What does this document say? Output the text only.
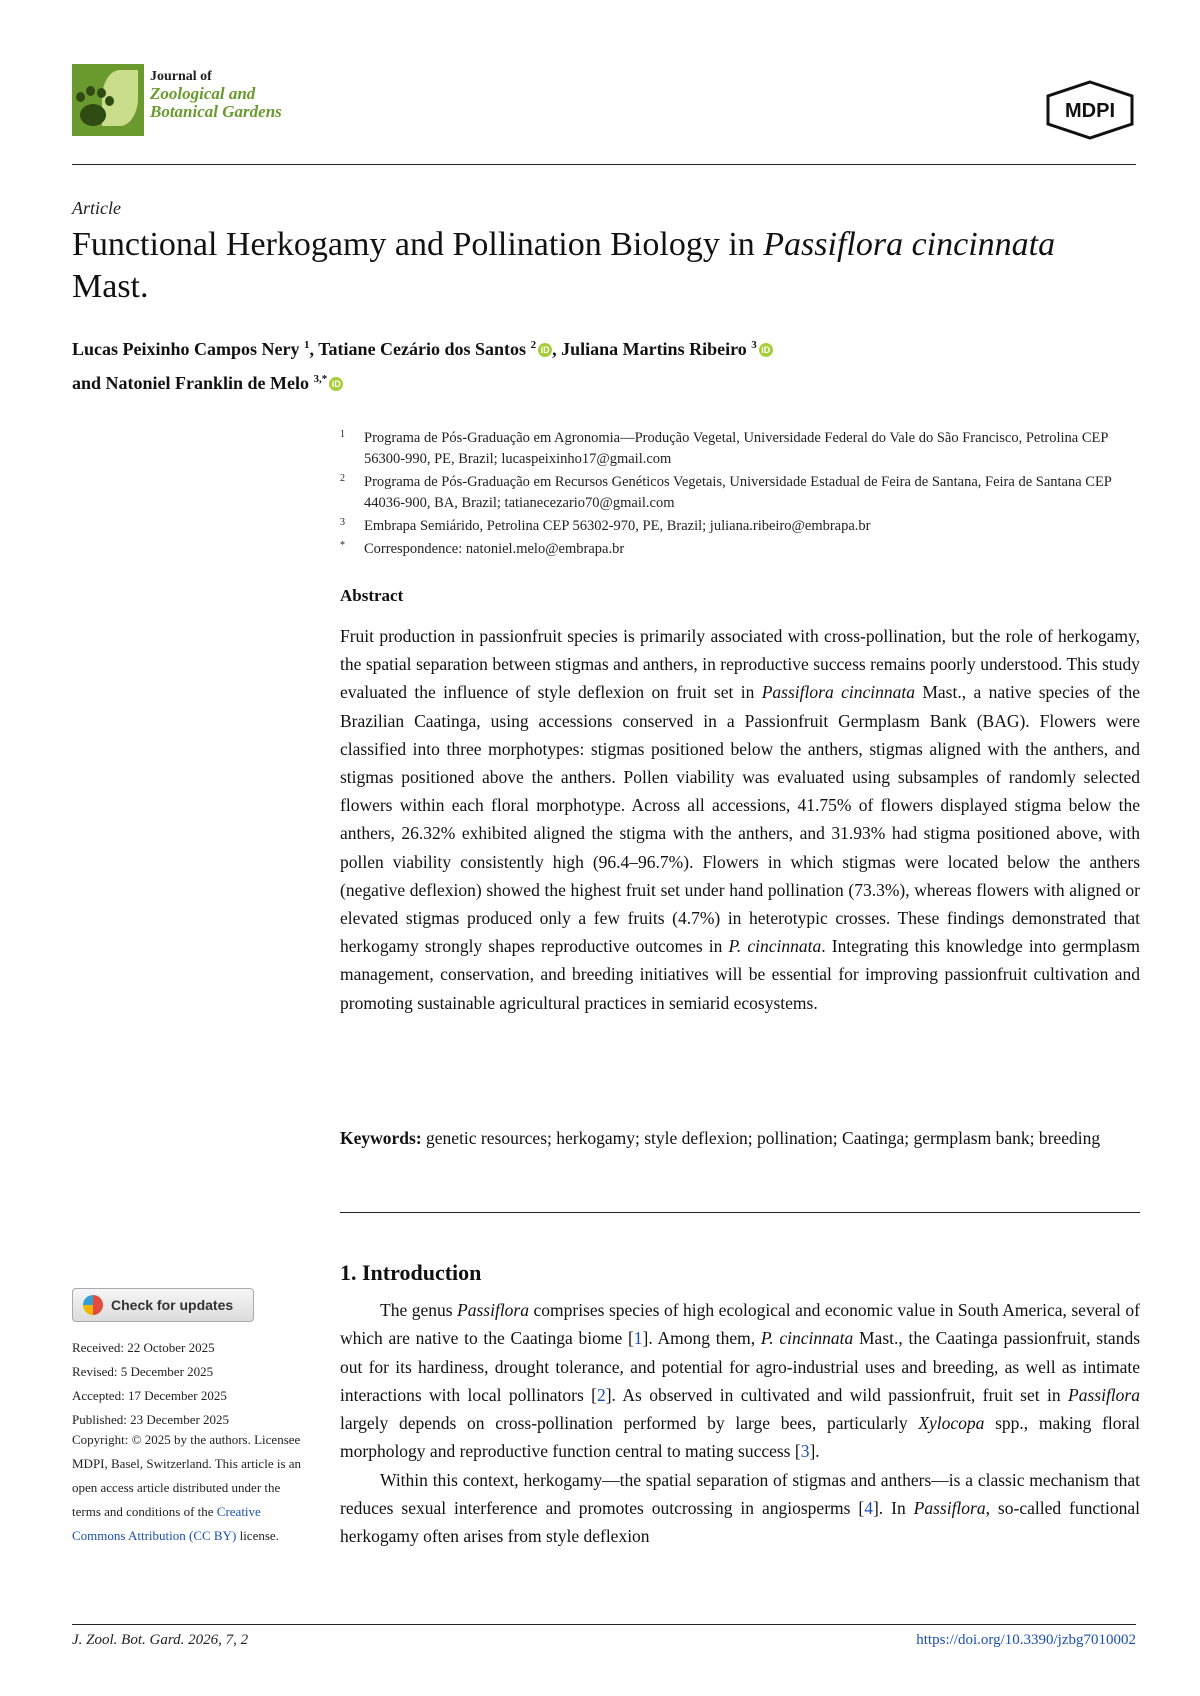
Journal of
Zoological and
Botanical Gardens	MDPI
Article
Functional Herkogamy and Pollination Biology in Passiflora cincinnata Mast.
Lucas Peixinho Campos Nery $^1$, Tatiane Cezário dos Santos $^2$ iD , Juliana Martins Ribeiro $^3$ iD
and Natoniel Franklin de Melo $^{3,*}$ iD
1 Programa de Pós-Graduação em Agronomia—Produção Vegetal, Universidade Federal do Vale do São Francisco, Petrolina CEP 56300-990, PE, Brazil; lucaspeixinho17@gmail.com
2 Programa de Pós-Graduação em Recursos Genéticos Vegetais, Universidade Estadual de Feira de Santana, Feira de Santana CEP 44036-900, BA, Brazil; tatianecezario70@gmail.com
3 Embrapa Semiárido, Petrolina CEP 56302-970, PE, Brazil; juliana.ribeiro@embrapa.br
* Correspondence: natoniel.melo@embrapa.br
Abstract
Fruit production in passionfruit species is primarily associated with cross-pollination, but the role of herkogamy, the spatial separation between stigmas and anthers, in reproductive success remains poorly understood. This study evaluated the influence of style deflexion on fruit set in Passiflora cincinnata Mast., a native species of the Brazilian Caatinga, using accessions conserved in a Passionfruit Germplasm Bank (BAG). Flowers were classified into three morphotypes: stigmas positioned below the anthers, stigmas aligned with the anthers, and stigmas positioned above the anthers. Pollen viability was evaluated using subsamples of randomly selected flowers within each floral morphotype. Across all accessions, 41.75% of flowers displayed stigma below the anthers, 26.32% exhibited aligned the stigma with the anthers, and 31.93% had stigma positioned above, with pollen viability consistently high (96.4–96.7%). Flowers in which stigmas were located below the anthers (negative deflexion) showed the highest fruit set under hand pollination (73.3%), whereas flowers with aligned or elevated stigmas produced only a few fruits (4.7%) in heterotypic crosses. These findings demonstrated that herkogamy strongly shapes reproductive outcomes in P. cincinnata. Integrating this knowledge into germplasm management, conservation, and breeding initiatives will be essential for improving passionfruit cultivation and promoting sustainable agricultural practices in semiarid ecosystems.
Keywords: genetic resources; herkogamy; style deflexion; pollination; Caatinga; germplasm bank; breeding
1. Introduction

The genus Passiflora comprises species of high ecological and economic value in South America, several of which are native to the Caatinga biome [1]. Among them, P. cincinnata Mast., the Caatinga passionfruit, stands out for its hardiness, drought tolerance, and potential for agro-industrial uses and breeding, as well as intimate interactions with local pollinators [2]. As observed in cultivated and wild passionfruit, fruit set in Passiflora largely depends on cross-pollination performed by large bees, particularly Xylocopa spp., making floral morphology and reproductive function central to mating success [3].

Within this context, herkogamy—the spatial separation of stigmas and anthers—is a classic mechanism that reduces sexual interference and promotes outcrossing in angiosperms [4]. In Passiflora, so-called functional herkogamy often arises from style deflexion

Check for updates
Received: 22 October 2025
Revised: 5 December 2025
Accepted: 17 December 2025
Published: 23 December 2025
Copyright: © 2025 by the authors. Licensee MDPI, Basel, Switzerland. This article is an open access article distributed under the terms and conditions of the Creative Commons Attribution (CC BY) license.
J. Zool. Bot. Gard. 2026, 7, 2	https://doi.org/10.3390/jzbg7010002
